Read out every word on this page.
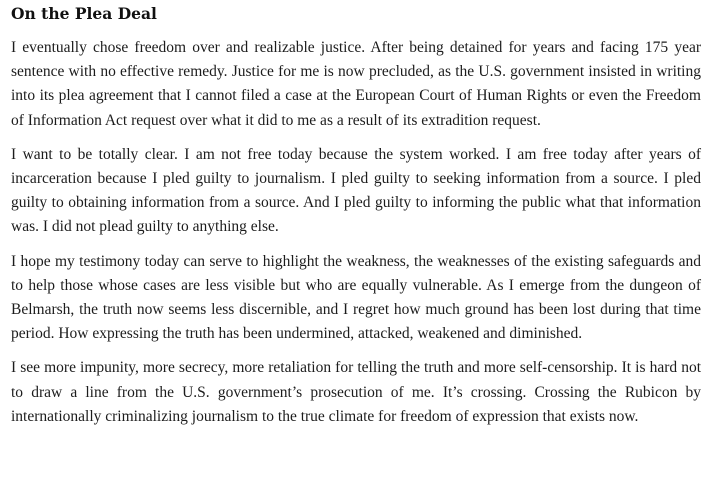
On the Plea Deal

I eventually chose freedom over and realizable justice. After being detained for years and facing 175 year sentence with no effective remedy. Justice for me is now precluded, as the U.S. government insisted in writing into its plea agreement that I cannot filed a case at the European Court of Human Rights or even the Freedom of Information Act request over what it did to me as a result of its extradition request.

I want to be totally clear. I am not free today because the system worked. I am free today after years of incarceration because I pled guilty to journalism. I pled guilty to seeking information from a source. I pled guilty to obtaining information from a source. And I pled guilty to informing the public what that information was. I did not plead guilty to anything else.

I hope my testimony today can serve to highlight the weakness, the weaknesses of the existing safeguards and to help those whose cases are less visible but who are equally vulnerable. As I emerge from the dungeon of Belmarsh, the truth now seems less discernible, and I regret how much ground has been lost during that time period. How expressing the truth has been undermined, attacked, weakened and diminished.

I see more impunity, more secrecy, more retaliation for telling the truth and more self-censorship. It is hard not to draw a line from the U.S. government’s prosecution of me. It’s crossing. Crossing the Rubicon by internationally criminalizing journalism to the true climate for freedom of expression that exists now.
